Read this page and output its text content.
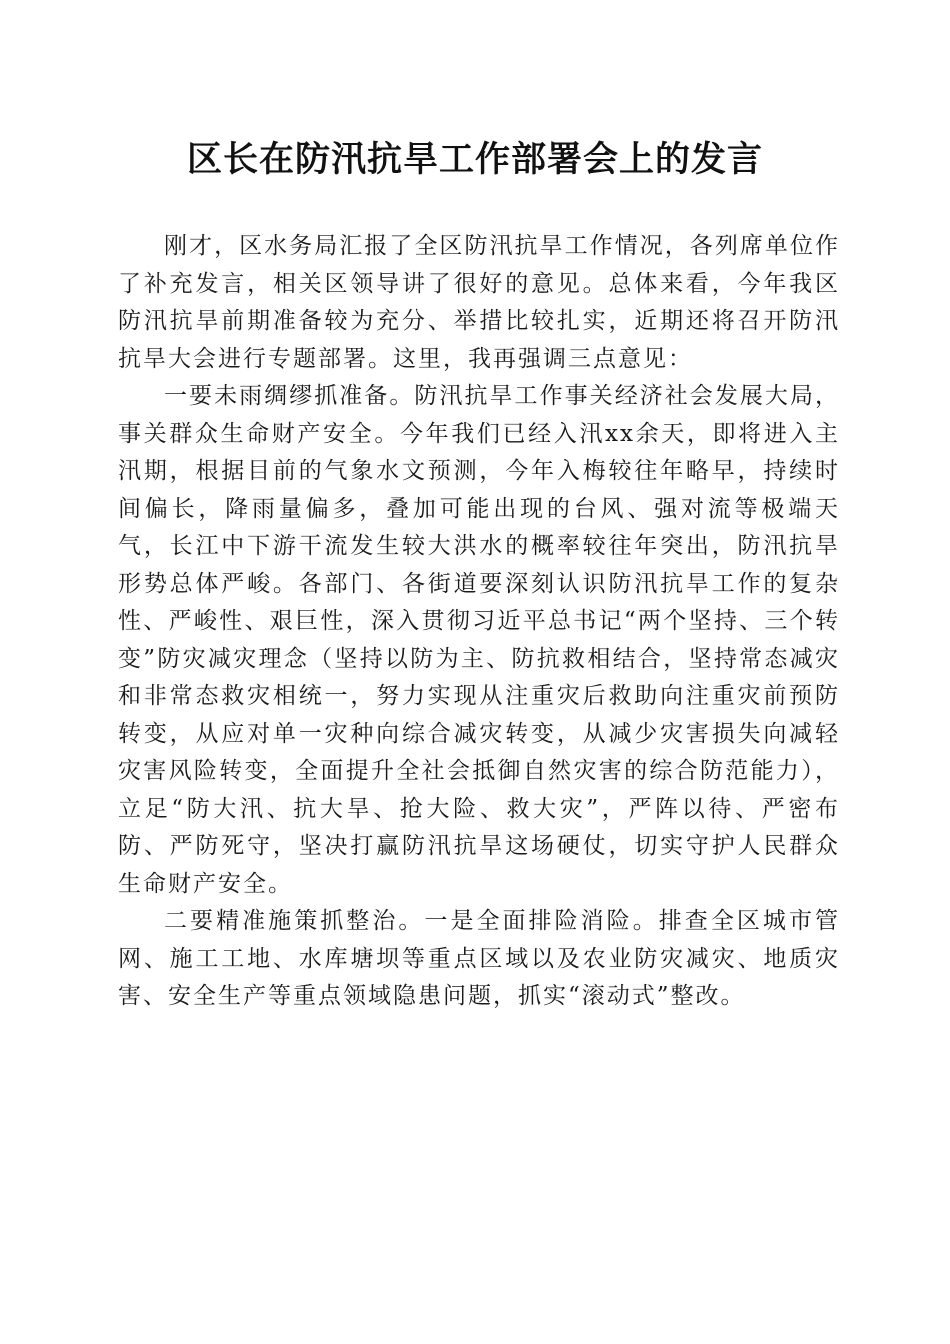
区长在防汛抗旱工作部署会上的发言

刚才，区水务局汇报了全区防汛抗旱工作情况，各列席单位作了补充发言，相关区领导讲了很好的意见。总体来看，今年我区防汛抗旱前期准备较为充分、举措比较扎实，近期还将召开防汛抗旱大会进行专题部署。这里，我再强调三点意见：

一要未雨绸缪抓准备。防汛抗旱工作事关经济社会发展大局，事关群众生命财产安全。今年我们已经入汛xx余天，即将进入主汛期，根据目前的气象水文预测，今年入梅较往年略早，持续时间偏长，降雨量偏多，叠加可能出现的台风、强对流等极端天气，长江中下游干流发生较大洪水的概率较往年突出，防汛抗旱形势总体严峻。各部门、各街道要深刻认识防汛抗旱工作的复杂性、严峻性、艰巨性，深入贯彻习近平总书记“两个坚持、三个转变”防灾减灾理念（坚持以防为主、防抗救相结合，坚持常态减灾和非常态救灾相统一，努力实现从注重灾后救助向注重灾前预防转变，从应对单一灾种向综合减灾转变，从减少灾害损失向减轻灾害风险转变，全面提升全社会抵御自然灾害的综合防范能力），立足“防大汛、抗大旱、抢大险、救大灾”，严阵以待、严密布防、严防死守，坚决打赢防汛抗旱这场硬仗，切实守护人民群众生命财产安全。

二要精准施策抓整治。一是全面排险消险。排查全区城市管网、施工工地、水库塘坝等重点区域以及农业防灾减灾、地质灾害、安全生产等重点领域隐患问题，抓实“滚动式”整改。
